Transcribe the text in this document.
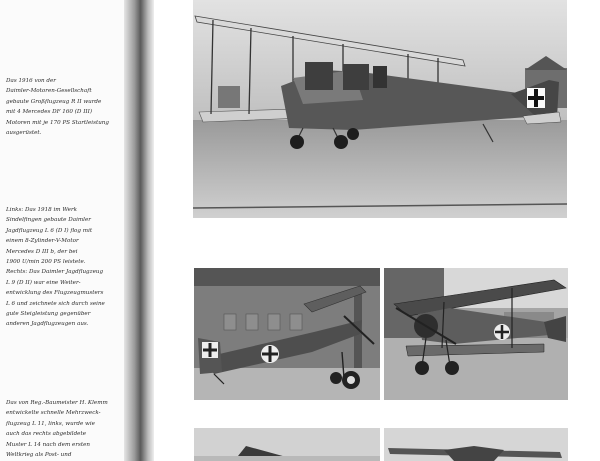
Das 1916 von der

Daimler-Motoren-Gesellschaft

gebaute Großflugzeug R II wurde

mit 4 Mercedes DF 160 (D III)

Motoren mit je 170 PS Startleistung

ausgerüstet.

Links: Das 1918 im Werk

Sindelfingen gebaute Daimler

Jagdflugzeug L 6 (D I) flog mit

einem 8-Zylinder-V-Motor

Mercedes D III b, der bei

1900 U/min 200 PS leistete.

Rechts: Das Daimler Jagdflugzeug

L 9 (D II) war eine Weiter-

entwicklung des Flugzeugmusters

L 6 und zeichnete sich durch seine

gute Steigleistung gegenüber

anderen Jagdflugzeugen aus.

Das von Reg.-Baumeister H. Klemm

entwickelte schnelle Mehrzweck-

flugzeug L 11, links, wurde wie

auch das rechts abgebildete

Muster L 14 nach dem ersten

Weltkrieg als Post- und
